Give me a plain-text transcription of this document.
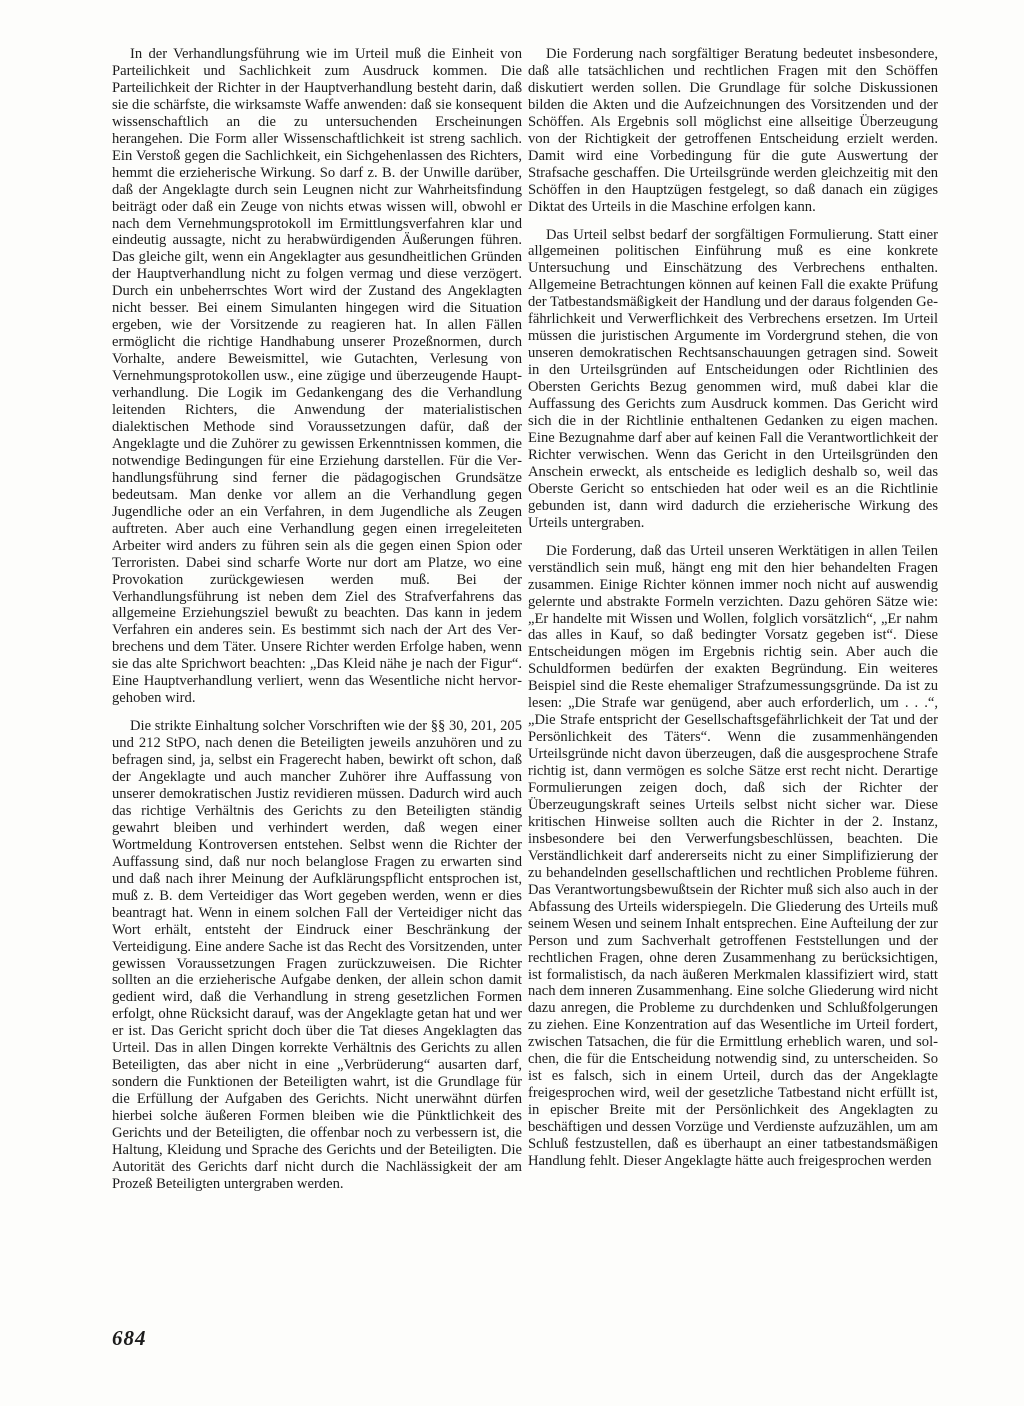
In der Verhandlungsführung wie im Urteil muß die Einheit von Parteilichkeit und Sachlichkeit zum Ausdruck kommen. Die Parteilichkeit der Richter in der Hauptverhandlung besteht darin, daß sie die schärfste, die wirksamste Waffe anwenden: daß sie konsequent wissenschaftlich an die zu untersuchenden Erscheinungen herangehen. Die Form aller Wissenschaftlichkeit ist streng sachlich. Ein Verstoß gegen die Sachlichkeit, ein Sichgehenlassen des Richters, hemmt die erzieherische Wirkung. So darf z. B. der Unwille darüber, daß der Angeklagte durch sein Leugnen nicht zur Wahrheitsfindung beiträgt oder daß ein Zeuge von nichts etwas wissen will, obwohl er nach dem Vernehmungsprotokoll im Ermittlungsverfahren klar und eindeutig aussagte, nicht zu herabwürdigenden Äußerungen führen. Das gleiche gilt, wenn ein Angeklagter aus gesundheitlichen Gründen der Hauptverhandlung nicht zu folgen vermag und diese verzögert. Durch ein unbeherrschtes Wort wird der Zustand des Angeklagten nicht besser. Bei einem Simulanten hingegen wird die Situation ergeben, wie der Vorsitzende zu reagieren hat. In allen Fällen ermöglicht die richtige Handhabung unserer Prozeßnormen, durch Vorhalte, andere Beweismittel, wie Gutachten, Verlesung von Vernehmungsprotokollen usw., eine zügige und überzeugende Hauptverhandlung. Die Logik im Gedankengang des die Verhandlung leitenden Richters, die Anwendung der materialistischen dialektischen Methode sind Voraussetzungen dafür, daß der Angeklagte und die Zuhörer zu gewissen Erkenntnissen kommen, die notwendige Bedingungen für eine Erziehung darstellen. Für die Verhandlungsführung sind ferner die pädagogischen Grundsätze bedeutsam. Man denke vor allem an die Verhandlung gegen Jugendliche oder an ein Verfahren, in dem Jugendliche als Zeugen auftreten. Aber auch eine Verhandlung gegen einen irregeleiteten Arbeiter wird anders zu führen sein als die gegen einen Spion oder Terroristen. Dabei sind scharfe Worte nur dort am Platze, wo eine Provokation zurückgewiesen werden muß. Bei der Verhandlungsführung ist neben dem Ziel des Strafverfahrens das allgemeine Erziehungsziel bewußt zu beachten. Das kann in jedem Verfahren ein anderes sein. Es bestimmt sich nach der Art des Verbrechens und dem Täter. Unsere Richter werden Erfolge haben, wenn sie das alte Sprichwort beachten: „Das Kleid nähe je nach der Figur“. Eine Hauptverhandlung verliert, wenn das Wesentliche nicht hervorgehoben wird.

Die strikte Einhaltung solcher Vorschriften wie der §§ 30, 201, 205 und 212 StPO, nach denen die Beteiligten jeweils anzuhören und zu befragen sind, ja, selbst ein Fragerecht haben, bewirkt oft schon, daß der Angeklagte und auch mancher Zuhörer ihre Auffassung von unserer demokratischen Justiz revidieren müssen. Dadurch wird auch das richtige Verhältnis des Gerichts zu den Beteiligten ständig gewahrt bleiben und verhindert werden, daß wegen einer Wortmeldung Kontroversen entstehen. Selbst wenn die Richter der Auffassung sind, daß nur noch belanglose Fragen zu erwarten sind und daß nach ihrer Meinung der Aufklärungspflicht entsprochen ist, muß z. B. dem Verteidiger das Wort gegeben werden, wenn er dies beantragt hat. Wenn in einem solchen Fall der Verteidiger nicht das Wort erhält, entsteht der Eindruck einer Beschränkung der Verteidigung. Eine andere Sache ist das Recht des Vorsitzenden, unter gewissen Voraussetzungen Fragen zurückzuweisen. Die Richter sollten an die erzieherische Aufgabe denken, der allein schon damit gedient wird, daß die Verhandlung in streng gesetzlichen Formen erfolgt, ohne Rücksicht darauf, was der Angeklagte getan hat und wer er ist. Das Gericht spricht doch über die Tat dieses Angeklagten das Urteil. Das in allen Dingen korrekte Verhältnis des Gerichts zu allen Beteiligten, das aber nicht in eine „Verbrüderung“ ausarten darf, sondern die Funktionen der Beteiligten wahrt, ist die Grundlage für die Erfüllung der Aufgaben des Gerichts. Nicht unerwähnt dürfen hierbei solche äußeren Formen bleiben wie die Pünktlichkeit des Gerichts und der Beteiligten, die offenbar noch zu verbessern ist, die Haltung, Kleidung und Sprache des Gerichts und der Beteiligten. Die Autorität des Gerichts darf nicht durch die Nachlässigkeit der am Prozeß Beteiligten untergraben werden.

Die Forderung nach sorgfältiger Beratung bedeutet insbesondere, daß alle tatsächlichen und rechtlichen Fragen mit den Schöffen diskutiert werden sollen. Die Grundlage für solche Diskussionen bilden die Akten und die Aufzeichnungen des Vorsitzenden und der Schöffen. Als Ergebnis soll möglichst eine allseitige Überzeugung von der Richtigkeit der getroffenen Entscheidung erzielt werden. Damit wird eine Vorbedingung für die gute Auswertung der Strafsache geschaffen. Die Urteilsgründe werden gleichzeitig mit den Schöffen in den Hauptzügen festgelegt, so daß danach ein zügiges Diktat des Urteils in die Maschine erfolgen kann.

Das Urteil selbst bedarf der sorgfältigen Formulierung. Statt einer allgemeinen politischen Einführung muß es eine konkrete Untersuchung und Einschätzung des Verbrechens enthalten. Allgemeine Betrachtungen können auf keinen Fall die exakte Prüfung der Tatbestandsmäßigkeit der Handlung und der daraus folgenden Gefährlichkeit und Verwerflichkeit des Verbrechens ersetzen. Im Urteil müssen die juristischen Argumente im Vordergrund stehen, die von unseren demokratischen Rechtsanschauungen getragen sind. Soweit in den Urteilsgründen auf Entscheidungen oder Richtlinien des Obersten Gerichts Bezug genommen wird, muß dabei klar die Auffassung des Gerichts zum Ausdruck kommen. Das Gericht wird sich die in der Richtlinie enthaltenen Gedanken zu eigen machen. Eine Bezugnahme darf aber auf keinen Fall die Verantwortlichkeit der Richter verwischen. Wenn das Gericht in den Urteilsgründen den Anschein erweckt, als entscheide es lediglich deshalb so, weil das Oberste Gericht so entschieden hat oder weil es an die Richtlinie gebunden ist, dann wird dadurch die erzieherische Wirkung des Urteils untergraben.

Die Forderung, daß das Urteil unseren Werktätigen in allen Teilen verständlich sein muß, hängt eng mit den hier behandelten Fragen zusammen. Einige Richter können immer noch nicht auf auswendig gelernte und abstrakte Formeln verzichten. Dazu gehören Sätze wie: „Er handelte mit Wissen und Wollen, folglich vorsätzlich“, „Er nahm das alles in Kauf, so daß bedingter Vorsatz gegeben ist“. Diese Entscheidungen mögen im Ergebnis richtig sein. Aber auch die Schuldformen bedürfen der exakten Begründung. Ein weiteres Beispiel sind die Reste ehemaliger Strafzumessungsgründe. Da ist zu lesen: „Die Strafe war genügend, aber auch erforderlich, um . . .“, „Die Strafe entspricht der Gesellschaftsgefährlichkeit der Tat und der Persönlichkeit des Täters“. Wenn die zusammenhängenden Urteilsgründe nicht davon überzeugen, daß die ausgesprochene Strafe richtig ist, dann vermögen es solche Sätze erst recht nicht. Derartige Formulierungen zeigen doch, daß sich der Richter der Überzeugungskraft seines Urteils selbst nicht sicher war. Diese kritischen Hinweise sollten auch die Richter in der 2. Instanz, insbesondere bei den Verwerfungsbeschlüssen, beachten. Die Verständlichkeit darf andererseits nicht zu einer Simplifizierung der zu behandelnden gesellschaftlichen und rechtlichen Probleme führen. Das Verantwortungsbewußtsein der Richter muß sich also auch in der Abfassung des Urteils widerspiegeln. Die Gliederung des Urteils muß seinem Wesen und seinem Inhalt entsprechen. Eine Aufteilung der zur Person und zum Sachverhalt getroffenen Feststellungen und der rechtlichen Fragen, ohne deren Zusammenhang zu berücksichtigen, ist formalistisch, da nach äußeren Merkmalen klassifiziert wird, statt nach dem inneren Zusammenhang. Eine solche Gliederung wird nicht dazu anregen, die Probleme zu durchdenken und Schlußfolgerungen zu ziehen. Eine Konzentration auf das Wesentliche im Urteil fordert, zwischen Tatsachen, die für die Ermittlung erheblich waren, und solchen, die für die Entscheidung notwendig sind, zu unterscheiden. So ist es falsch, sich in einem Urteil, durch das der Angeklagte freigesprochen wird, weil der gesetzliche Tatbestand nicht erfüllt ist, in epischer Breite mit der Persönlichkeit des Angeklagten zu beschäftigen und dessen Vorzüge und Verdienste aufzuzählen, um am Schluß festzustellen, daß es überhaupt an einer tatbestandsmäßigen Handlung fehlt. Dieser Angeklagte hätte auch freigesprochen werden

684
